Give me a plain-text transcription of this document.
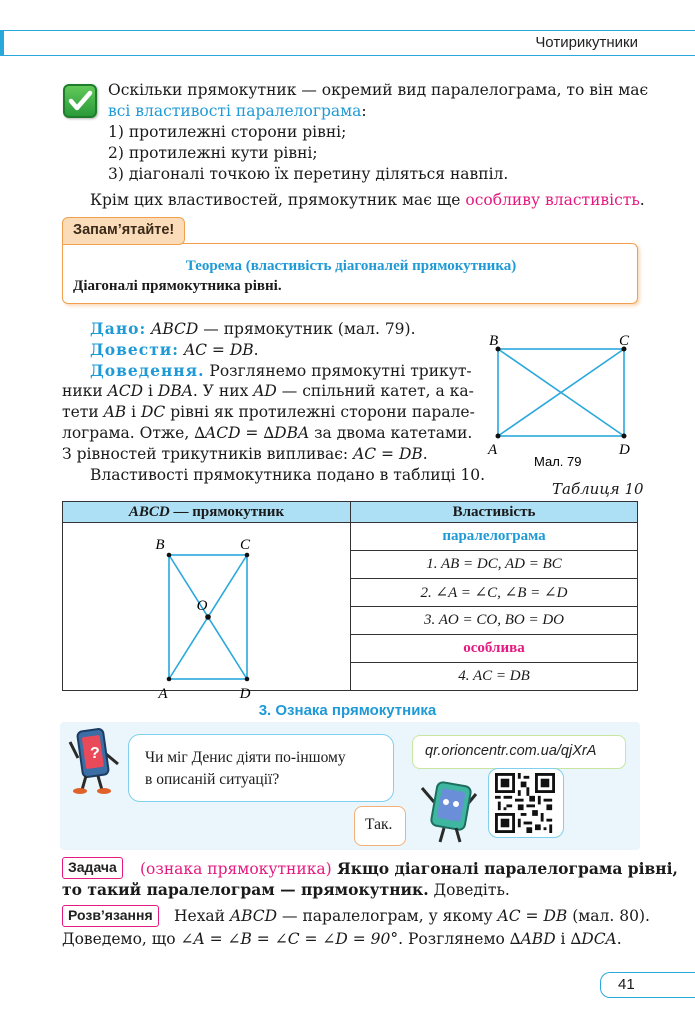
Чотирикутники
Оскільки прямокутник — окремий вид паралелограма, то він має
всі властивості паралелограма:
1) протилежні сторони рівні;
2) протилежні кути рівні;
3) діагоналі точкою їх перетину діляться навпіл.
Крім цих властивостей, прямокутник має ще особливу властивість.
Запам’ятайте!
Теорема (властивість діагоналей прямокутника)
Діагоналі прямокутника рівні.
Дано: ABCD — прямокутник (мал. 79).
Довести: AC = DB.
Доведення. Розглянемо прямокутні трикут-
ники ACD і DBA. У них AD — спільний катет, а ка-
тети AB і DC рівні як протилежні сторони парале-
лограма. Отже, ∆ACD = ∆DBA за двома катетами.
З рівностей трикутників випливає: AC = DB.
Властивості прямокутника подано в таблиці 10.
B	C
A	D
Мал. 79
Таблиця 10
ABCD — прямокутник	Властивість

B C
A D
O	паралелограма
	1. AB = DC, AD = BC
	2. ∠A = ∠C, ∠B = ∠D
	3. AO = CO, BO = DO
	особлива
	4. AC = DB
3. Ознака прямокутника
?	Чи міг Денис діяти по-іншому
в описаній ситуації?
qr.orioncentr.com.ua/qjXrA
Так.
Задача	(ознака прямокутника) Якщо діагоналі паралелограма рівні,
то такий паралелограм — прямокутник. Доведіть.
Розв’язання	Нехай ABCD — паралелограм, у якому AC = DB (мал. 80).
Доведемо, що ∠A = ∠B = ∠C = ∠D = 90°. Розглянемо ∆ABD і ∆DCA.
41
